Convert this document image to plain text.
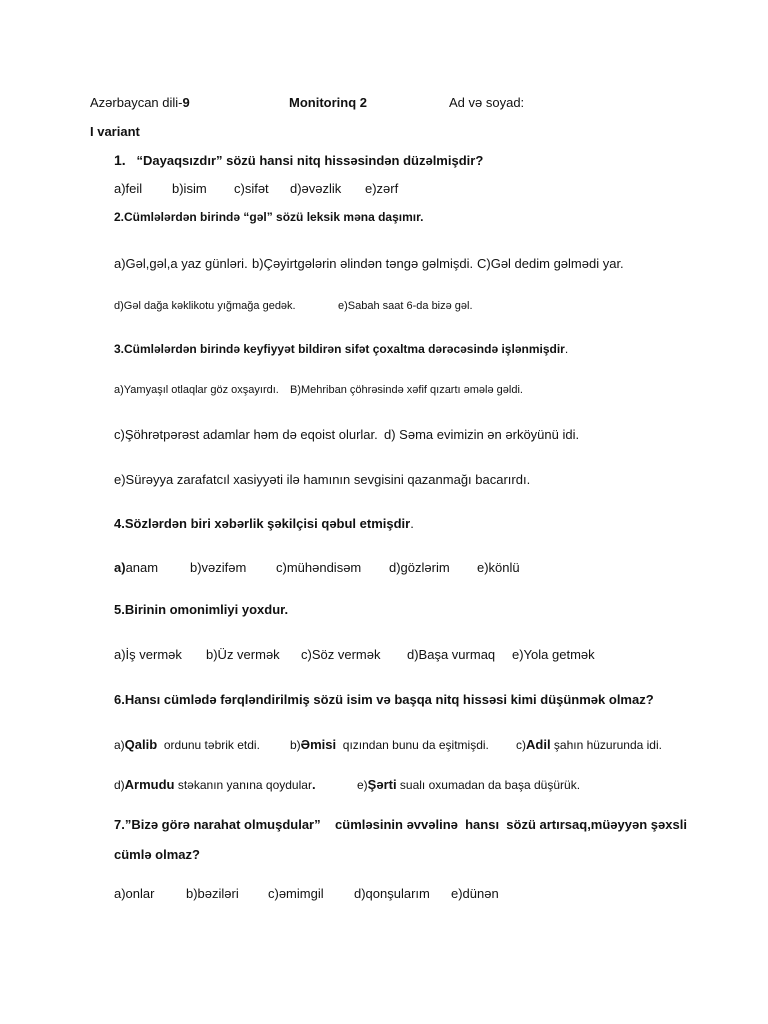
Azərbaycan dili-9	Monitorinq 2	Ad və soyad:
I variant
1. “Dayaqsızdır” sözü hansi nitq hissəsindən düzəlmişdir?
a)feil b)isim c)sifət d)əvəzlik e)zərf
2.Cümlələrdən birində “gəl” sözü leksik məna daşımır.
a)Gəl,gəl,a yaz günləri. b)Çəyirtgələrin əlindən təngə gəlmişdi. C)Gəl dedim gəlmədi yar.
d)Gəl dağa kəklikotu yığmağa gedək.	e)Sabah saat 6-da bizə gəl.
3.Cümlələrdən birində keyfiyyət bildirən sifət çoxaltma dərəcəsində işlənmişdir.
a)Yamyaşıl otlaqlar göz oxşayırdı. B)Mehriban çöhrəsində xəfif qızartı əmələ gəldi.
c)Şöhrətpərəst adamlar həm də eqoist olurlar. d) Səma evimizin ən ərköyünü idi.
e)Sürəyya zarafatcıl xasiyyəti ilə hamının sevgisini qazanmağı bacarırdı.
4.Sözlərdən biri xəbərlik şəkilçisi qəbul etmişdir.
a)anam b)vəzifəm c)mühəndisəm d)gözlərim e)könlü
5.Birinin omonimliyi yoxdur.
a)İş vermək b)Üz vermək c)Söz vermək d)Başa vurmaq e)Yola getmək
6.Hansı cümlədə fərqləndirilmiş sözü isim və başqa nitq hissəsi kimi düşünmək olmaz?
a)Qalib  ordunu təbrik etdi.	b)Əmisi  qızından bunu da eşitmişdi. c)Adil şahın hüzurunda idi.
d)Armudu stəkanın yanına qoydular.	e)Şərti sualı oxumadan da başa düşürük.
7.”Bizə görə narahat olmuşdular”    cümləsinin əvvəlinə  hansı  sözü artırsaq,müəyyən şəxsli
cümlə olmaz?
a)onlar b)bəziləri c)əmimgil d)qonşularım e)dünən
